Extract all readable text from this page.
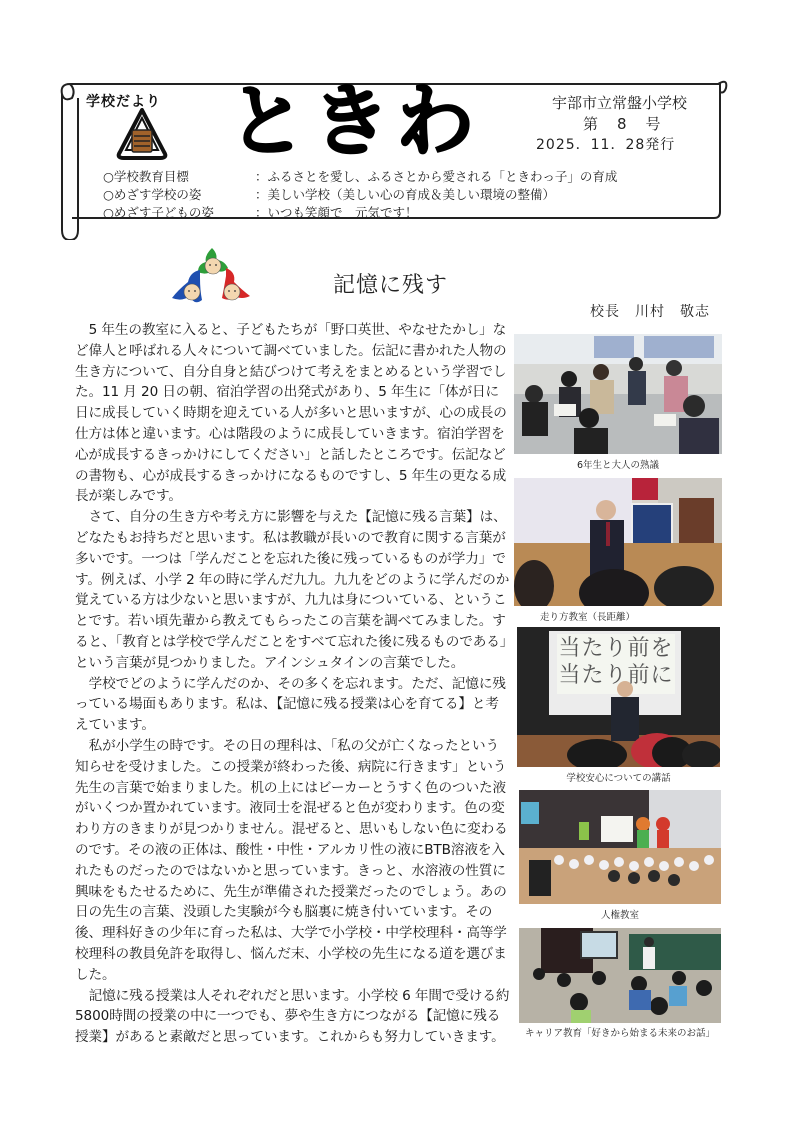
学校だより ときわ	宇部市立常盤小学校
第　8　号
2025．11．28発行
○学校教育目標	：ふるさとを愛し、ふるさとから愛される「ときわっ子」の育成
○めざす学校の姿	：美しい学校（美しい心の育成＆美しい環境の整備）
○めざす子どもの姿	：いつも笑顔で　元気です！
記憶に残す
校長　川村　敬志

5 年生の教室に入ると、子どもたちが「野口英世、やなせたかし」など偉人と呼ばれる人々について調べていました。伝記に書かれた人物の生き方について、自分自身と結びつけて考えをまとめるという学習でした。11 月 20 日の朝、宿泊学習の出発式があり、5 年生に「体が日に日に成長していく時期を迎えている人が多いと思いますが、心の成長の仕方は体と違います。心は階段のように成長していきます。宿泊学習を心が成長するきっかけにしてください」と話したところです。伝記などの書物も、心が成長するきっかけになるものですし、5 年生の更なる成長が楽しみです。

さて、自分の生き方や考え方に影響を与えた【記憶に残る言葉】は、どなたもお持ちだと思います。私は教職が長いので教育に関する言葉が多いです。一つは「学んだことを忘れた後に残っているものが学力」です。例えば、小学 2 年の時に学んだ九九。九九をどのように学んだのか覚えている方は少ないと思いますが、九九は身についている、ということです。若い頃先輩から教えてもらったこの言葉を調べてみました。すると、「教育とは学校で学んだことをすべて忘れた後に残るものである」という言葉が見つかりました。アインシュタインの言葉でした。

学校でどのように学んだのか、その多くを忘れます。ただ、記憶に残っている場面もあります。私は、【記憶に残る授業は心を育てる】と考えています。

私が小学生の時です。その日の理科は、「私の父が亡くなったという知らせを受けました。この授業が終わった後、病院に行きます」という先生の言葉で始まりました。机の上にはビーカーとうすく色のついた液がいくつか置かれています。液同士を混ぜると色が変わります。色の変わり方のきまりが見つかりません。混ぜると、思いもしない色に変わるのです。その液の正体は、酸性・中性・アルカリ性の液にBTB溶液を入れたものだったのではないかと思っています。きっと、水溶液の性質に興味をもたせるために、先生が準備された授業だったのでしょう。あの日の先生の言葉、没頭した実験が今も脳裏に焼き付いています。その後、理科好きの少年に育った私は、大学で小学校・中学校理科・高等学校理科の教員免許を取得し、悩んだ末、小学校の先生になる道を選びました。

記憶に残る授業は人それぞれだと思います。小学校 6 年間で受ける約5800時間の授業の中に一つでも、夢や生き方につながる【記憶に残る授業】があると素敵だと思っています。これからも努力していきます。

6年生と大人の熟議
走り方教室（長距離）
当たり前を
当たり前に
学校安心についての講話
人権教室
キャリア教育「好きから始まる未来のお話」
